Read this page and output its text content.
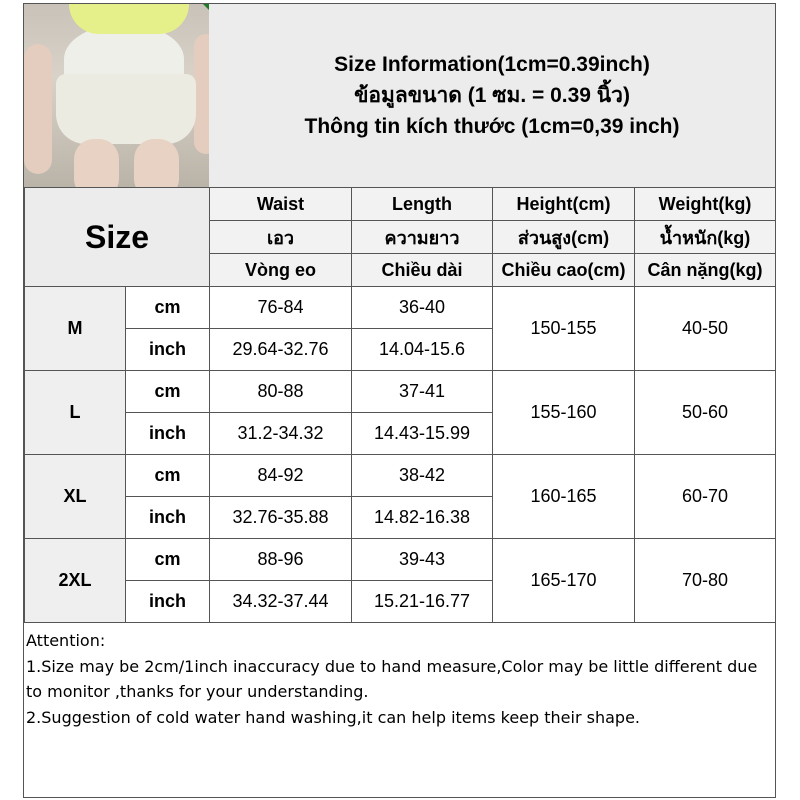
Size Information(1cm=0.39inch)
ข้อมูลขนาด (1 ซม. = 0.39 นิ้ว)
Thông tin kích thước (1cm=0,39 inch)
Size		Waist	Length	Height(cm)	Weight(kg)
		เอว	ความยาว	ส่วนสูง(cm)	น้ำหนัก(kg)
		Vòng eo	Chiều dài	Chiều cao(cm)	Cân nặng(kg)
M	cm	76-84	36-40	150-155	40-50
	inch	29.64-32.76	14.04-15.6		
L	cm	80-88	37-41	155-160	50-60
	inch	31.2-34.32	14.43-15.99		
XL	cm	84-92	38-42	160-165	60-70
	inch	32.76-35.88	14.82-16.38		
2XL	cm	88-96	39-43	165-170	70-80
	inch	34.32-37.44	15.21-16.77		
Attention:
1.Size may be 2cm/1inch inaccuracy due to hand measure,Color may be little different due to monitor ,thanks for your understanding.
2.Suggestion of cold water hand washing,it can help items keep their shape.
